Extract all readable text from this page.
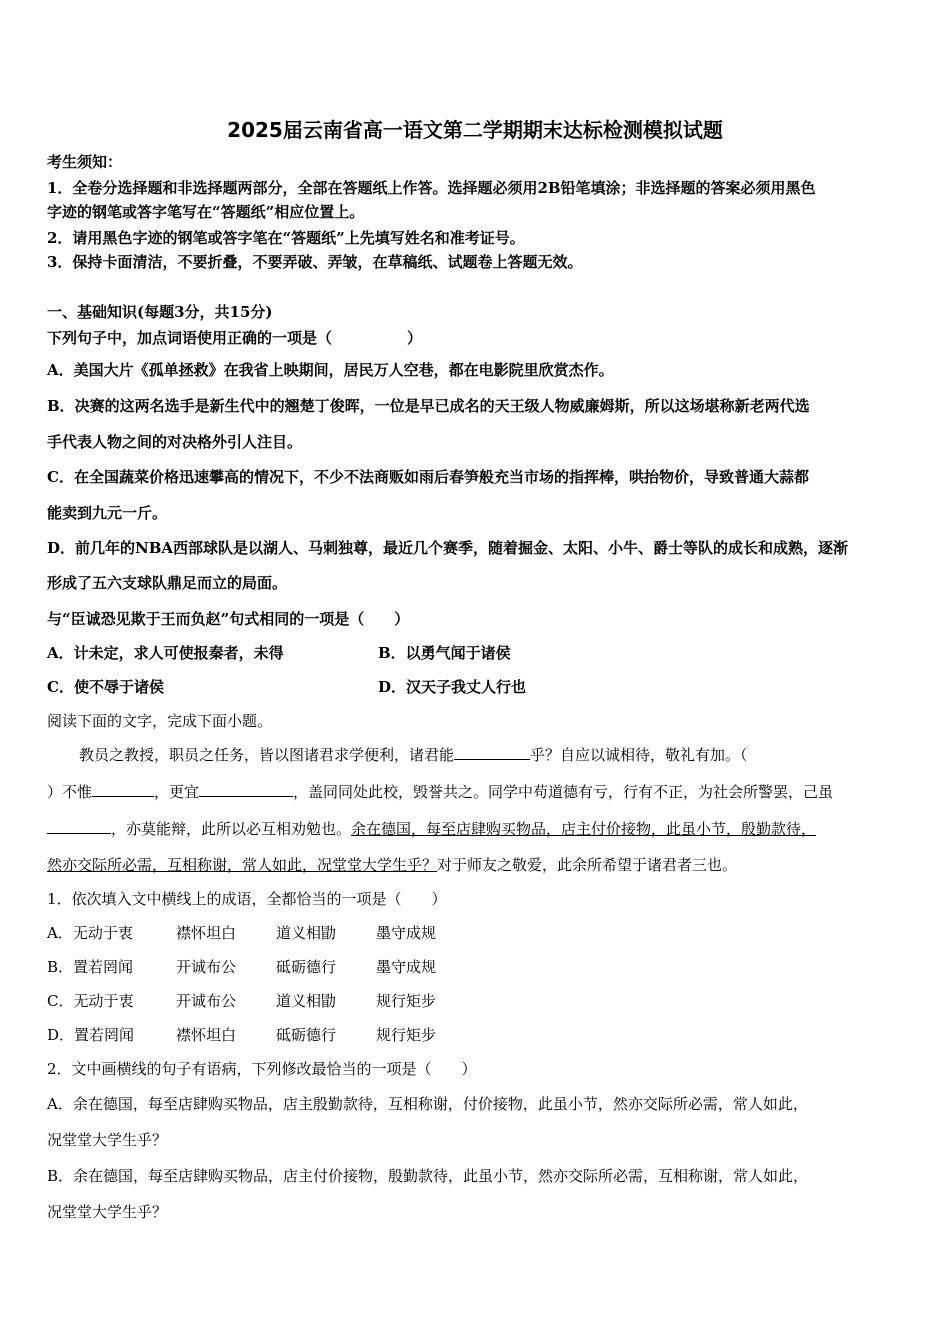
2025届云南省高一语文第二学期期末达标检测模拟试题
考生须知：
1．全卷分选择题和非选择题两部分，全部在答题纸上作答。选择题必须用2B铅笔填涂；非选择题的答案必须用黑色
字迹的钢笔或答字笔写在“答题纸”相应位置上。
2．请用黑色字迹的钢笔或答字笔在“答题纸”上先填写姓名和准考证号。
3．保持卡面清洁，不要折叠，不要弄破、弄皱，在草稿纸、试题卷上答题无效。
一、基础知识(每题3分，共15分)
下列句子中，加点词语使用正确的一项是（　　　　　）
A．美国大片《孤单拯救》在我省上映期间，居民万人空巷，都在电影院里欣赏杰作。
B．决赛的这两名选手是新生代中的翘楚丁俊晖，一位是早已成名的天王级人物威廉姆斯，所以这场堪称新老两代选
手代表人物之间的对决格外引人注目。
C．在全国蔬菜价格迅速攀高的情况下，不少不法商贩如雨后春笋般充当市场的指挥棒，哄抬物价，导致普通大蒜都
能卖到九元一斤。
D．前几年的NBA西部球队是以湖人、马刺独尊，最近几个赛季，随着掘金、太阳、小牛、爵士等队的成长和成熟，逐渐
形成了五六支球队鼎足而立的局面。
与“臣诚恐见欺于王而负赵”句式相同的一项是（　　）
A．计未定，求人可使报秦者，未得	B．以勇气闻于诸侯
C．使不辱于诸侯	D．汉天子我丈人行也
阅读下面的文字，完成下面小题。
教员之教授，职员之任务，皆以图诸君求学便利，诸君能	乎？自应以诚相待，敬礼有加。（
）不惟	，更宜	，盖同同处此校，毁誉共之。同学中苟道德有亏，行有不正，为社会所警罢，己虽
，亦莫能辩，此所以必互相劝勉也。余在德国，每至店肆购买物品，店主付价接物，此虽小节，殷勤款待，
然亦交际所必需，互相称谢，常人如此，况堂堂大学生乎？对于师友之敬爱，此余所希望于诸君者三也。
1．依次填入文中横线上的成语，全都恰当的一项是（　　）
A．无动于衷	襟怀坦白	道义相勖	墨守成规
B．置若罔闻	开诚布公	砥砺德行	墨守成规
C．无动于衷	开诚布公	道义相勖	规行矩步
D．置若罔闻	襟怀坦白	砥砺德行	规行矩步
2．文中画横线的句子有语病，下列修改最恰当的一项是（　　）
A．余在德国，每至店肆购买物品，店主殷勤款待，互相称谢，付价接物，此虽小节，然亦交际所必需，常人如此，
况堂堂大学生乎？
B．余在德国，每至店肆购买物品，店主付价接物，殷勤款待，此虽小节，然亦交际所必需，互相称谢，常人如此，
况堂堂大学生乎？
